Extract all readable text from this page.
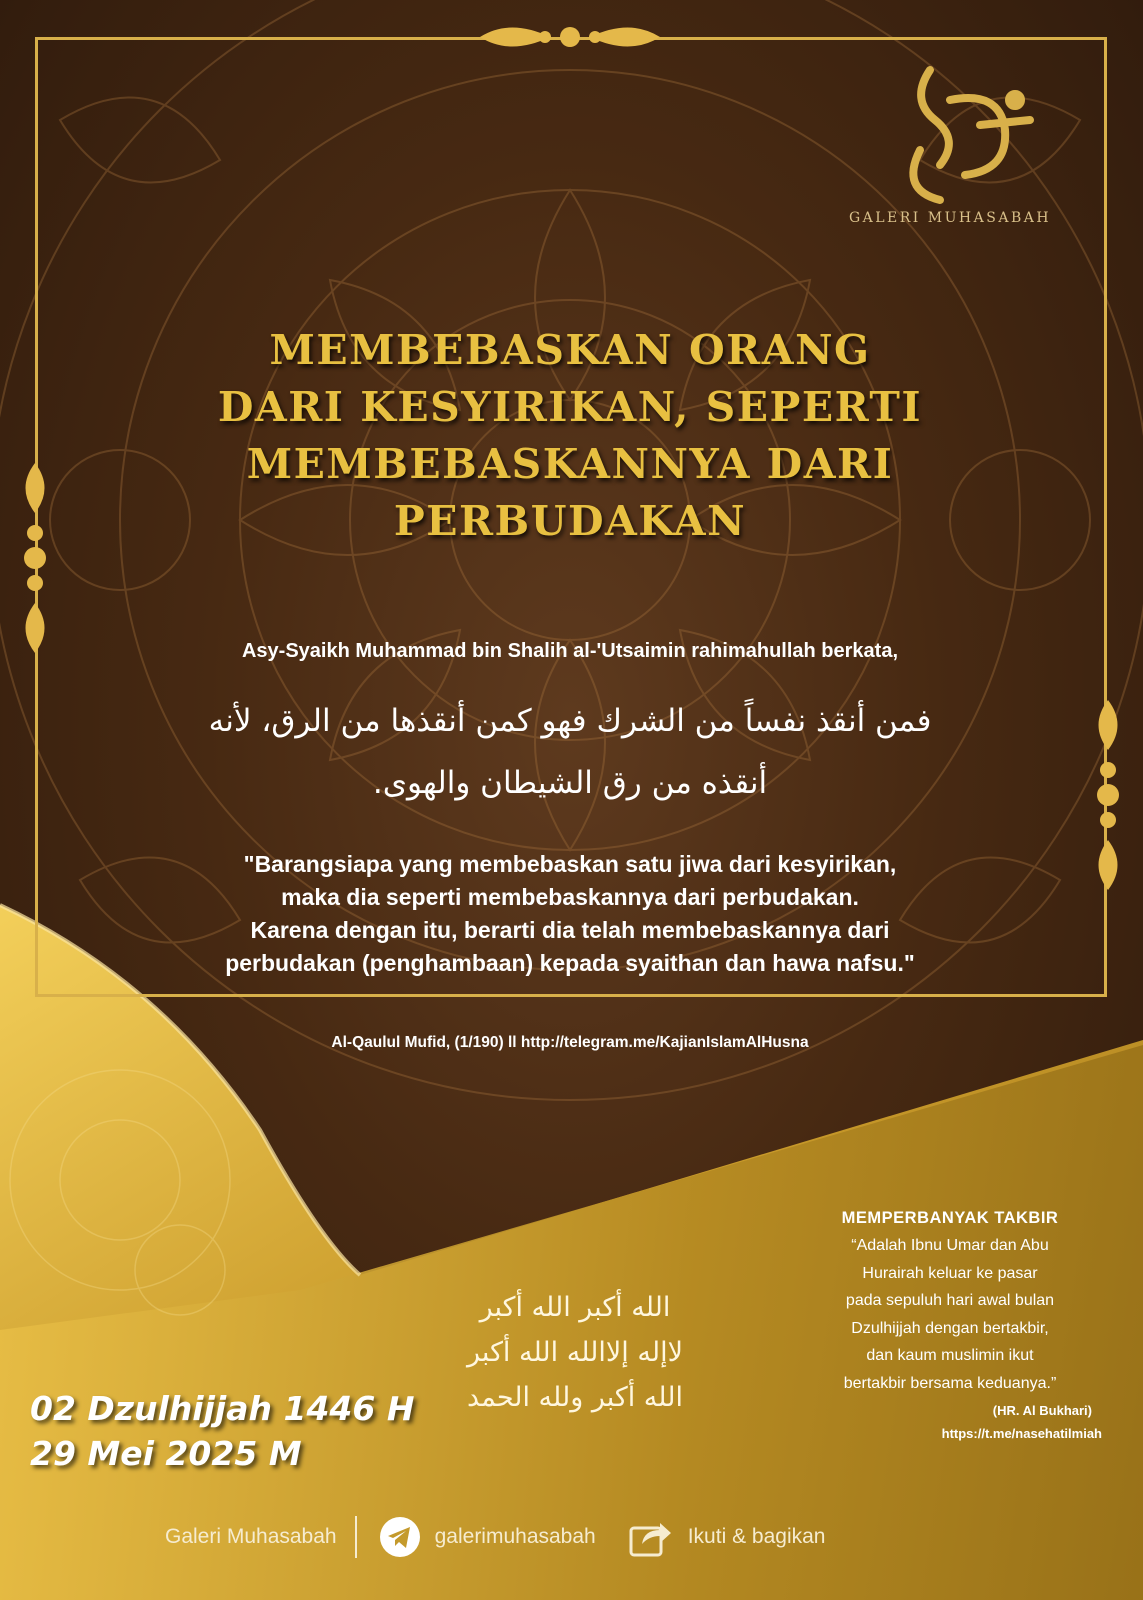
GALERI MUHASABAH
MEMBEBASKAN ORANG
DARI KESYIRIKAN, SEPERTI
MEMBEBASKANNYA DARI
PERBUDAKAN
Asy-Syaikh Muhammad bin Shalih al-'Utsaimin rahimahullah berkata,
فمن أنقذ نفساً من الشرك فهو كمن أنقذها من الرق، لأنه
أنقذه من رق الشيطان والهوى.
"Barangsiapa yang membebaskan satu jiwa dari kesyirikan,
maka dia seperti membebaskannya dari perbudakan.
Karena dengan itu, berarti dia telah membebaskannya dari
perbudakan (penghambaan) kepada syaithan dan hawa nafsu."
Al-Qaulul Mufid, (1/190) ll http://telegram.me/KajianIslamAlHusna
الله أكبر الله أكبر
لاإله إلاالله الله أكبر
الله أكبر ولله الحمد
02 Dzulhijjah 1446 H
29 Mei 2025 M
MEMPERBANYAK TAKBIR
“Adalah Ibnu Umar dan Abu
Hurairah keluar ke pasar
pada sepuluh hari awal bulan
Dzulhijjah dengan bertakbir,
dan kaum muslimin ikut
bertakbir bersama keduanya.”
(HR. Al Bukhari)
https://t.me/nasehatilmiah
Galeri Muhasabah	galerimuhasabah	Ikuti & bagikan
